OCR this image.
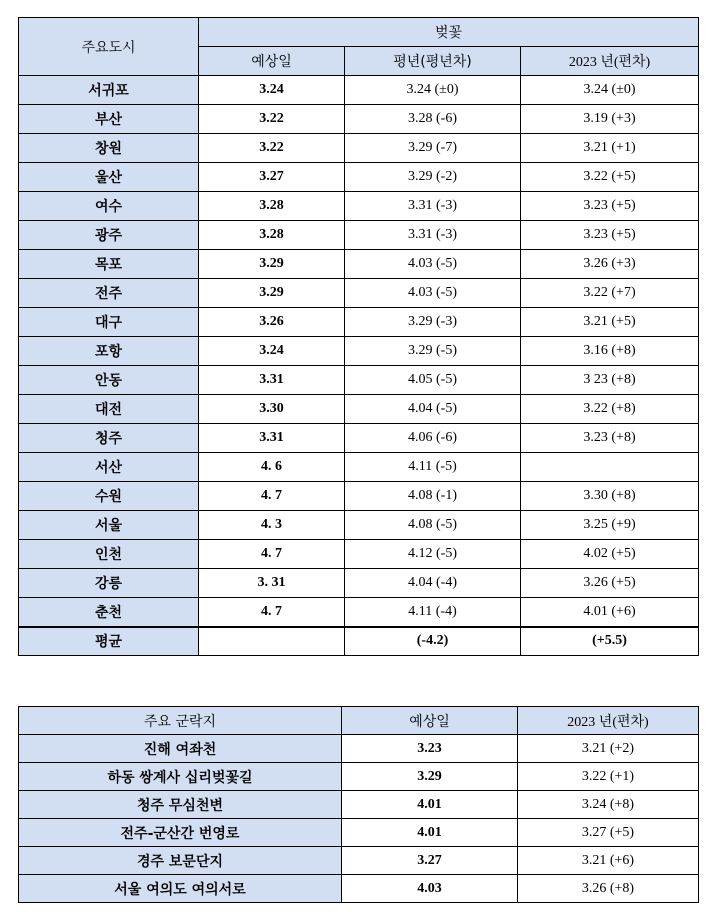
주요도시	벚꽃		
	예상일	평년(평년차)	2023 년(편차)
서귀포	3.24	3.24 (±0)	3.24 (±0)
부산	3.22	3.28 (-6)	3.19 (+3)
창원	3.22	3.29 (-7)	3.21 (+1)
울산	3.27	3.29 (-2)	3.22 (+5)
여수	3.28	3.31 (-3)	3.23 (+5)
광주	3.28	3.31 (-3)	3.23 (+5)
목포	3.29	4.03 (-5)	3.26 (+3)
전주	3.29	4.03 (-5)	3.22 (+7)
대구	3.26	3.29 (-3)	3.21 (+5)
포항	3.24	3.29 (-5)	3.16 (+8)
안동	3.31	4.05 (-5)	3 23 (+8)
대전	3.30	4.04 (-5)	3.22 (+8)
청주	3.31	4.06 (-6)	3.23 (+8)
서산	4. 6	4.11 (-5)	
수원	4. 7	4.08 (-1)	3.30 (+8)
서울	4. 3	4.08 (-5)	3.25 (+9)
인천	4. 7	4.12 (-5)	4.02 (+5)
강릉	3. 31	4.04 (-4)	3.26 (+5)
춘천	4. 7	4.11 (-4)	4.01 (+6)
평균		(-4.2)	(+5.5)
주요 군락지	예상일	2023 년(편차)
진해 여좌천	3.23	3.21 (+2)
하동 쌍계사 십리벚꽃길	3.29	3.22 (+1)
청주 무심천변	4.01	3.24 (+8)
전주-군산간 번영로	4.01	3.27 (+5)
경주 보문단지	3.27	3.21 (+6)
서울 여의도 여의서로	4.03	3.26 (+8)
